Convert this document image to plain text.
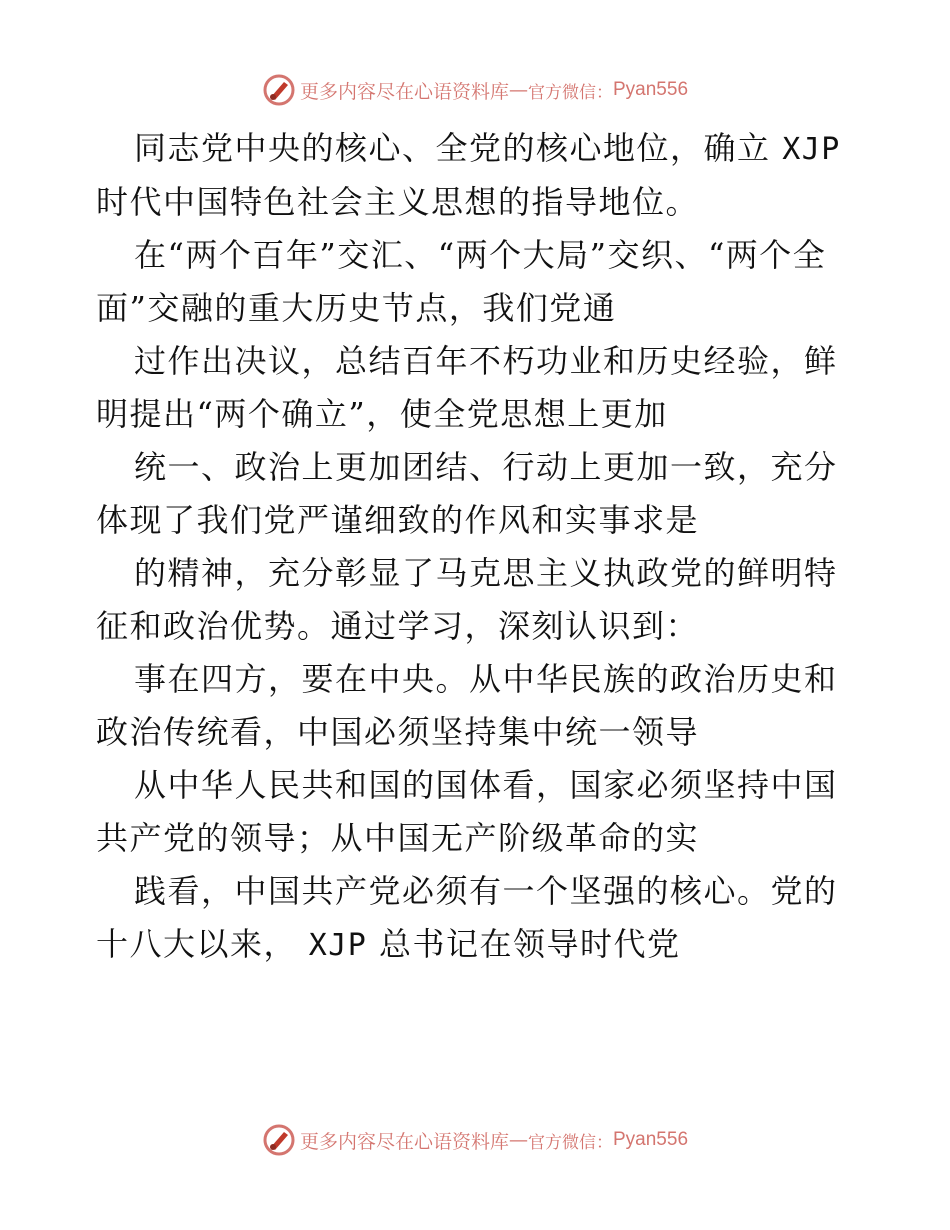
更多内容尽在心语资料库 — 官方微信： Pyan556

同志党中央的核心、全党的核心地位，确立 XJP时代中国特色社会主义思想的指导地位。

在“两个百年”交汇、“两个大局”交织、“两个全面”交融的重大历史节点，我们党通

过作出决议，总结百年不朽功业和历史经验，鲜明提出“两个确立”，使全党思想上更加

统一、政治上更加团结、行动上更加一致，充分体现了我们党严谨细致的作风和实事求是

的精神，充分彰显了马克思主义执政党的鲜明特征和政治优势。通过学习，深刻认识到：

事在四方，要在中央。从中华民族的政治历史和政治传统看，中国必须坚持集中统一领导

从中华人民共和国的国体看，国家必须坚持中国共产党的领导；从中国无产阶级革命的实

践看，中国共产党必须有一个坚强的核心。党的十八大以来， XJP 总书记在领导时代党

更多内容尽在心语资料库 — 官方微信： Pyan556
